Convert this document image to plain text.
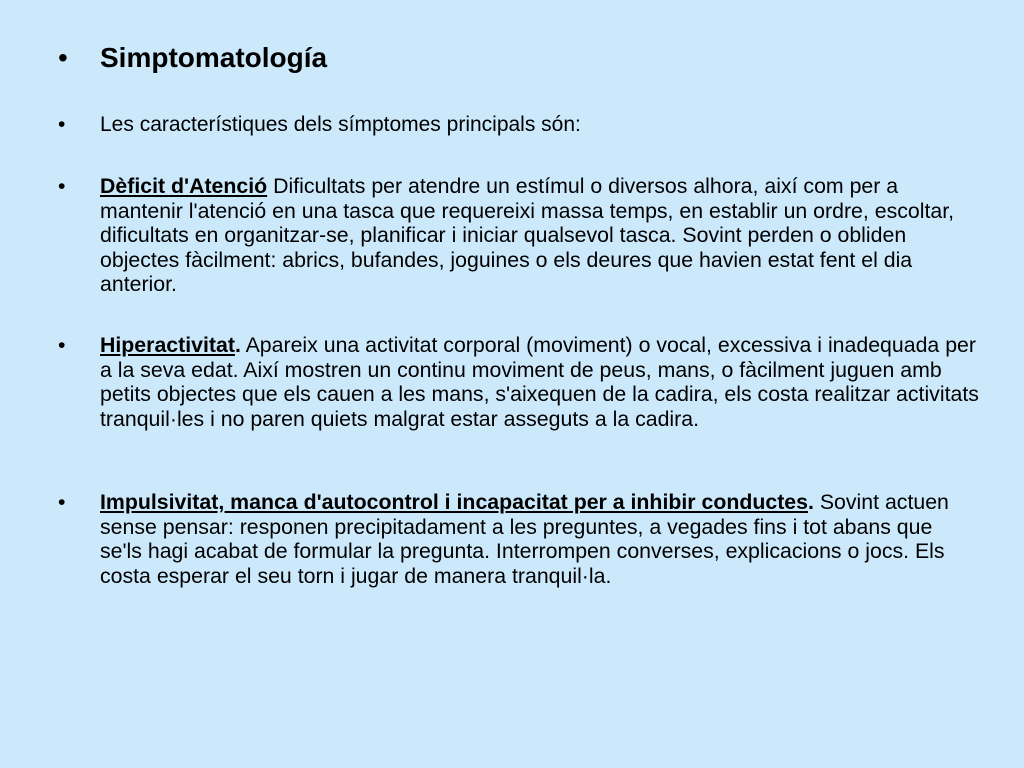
•	Simptomatología
•	Les característiques dels símptomes principals són:
•	Dèficit d'Atenció Dificultats per atendre un estímul o diversos alhora, així com per a mantenir l'atenció en una tasca que requereixi massa temps, en establir un ordre, escoltar, dificultats en organitzar-se, planificar i iniciar qualsevol tasca. Sovint perden o obliden objectes fàcilment: abrics, bufandes, joguines o els deures que havien estat fent el dia anterior.
•	Hiperactivitat. Apareix una activitat corporal (moviment) o vocal, excessiva i inadequada per a la seva edat. Així mostren un continu moviment de peus, mans, o fàcilment juguen amb petits objectes que els cauen a les mans, s'aixequen de la cadira, els costa realitzar activitats tranquil·les i no paren quiets malgrat estar asseguts a la cadira.
•	Impulsivitat, manca d'autocontrol i incapacitat per a inhibir conductes. Sovint actuen sense pensar: responen precipitadament a les preguntes, a vegades fins i tot abans que se'ls hagi acabat de formular la pregunta. Interrompen converses, explicacions o jocs. Els costa esperar el seu torn i jugar de manera tranquil·la.
